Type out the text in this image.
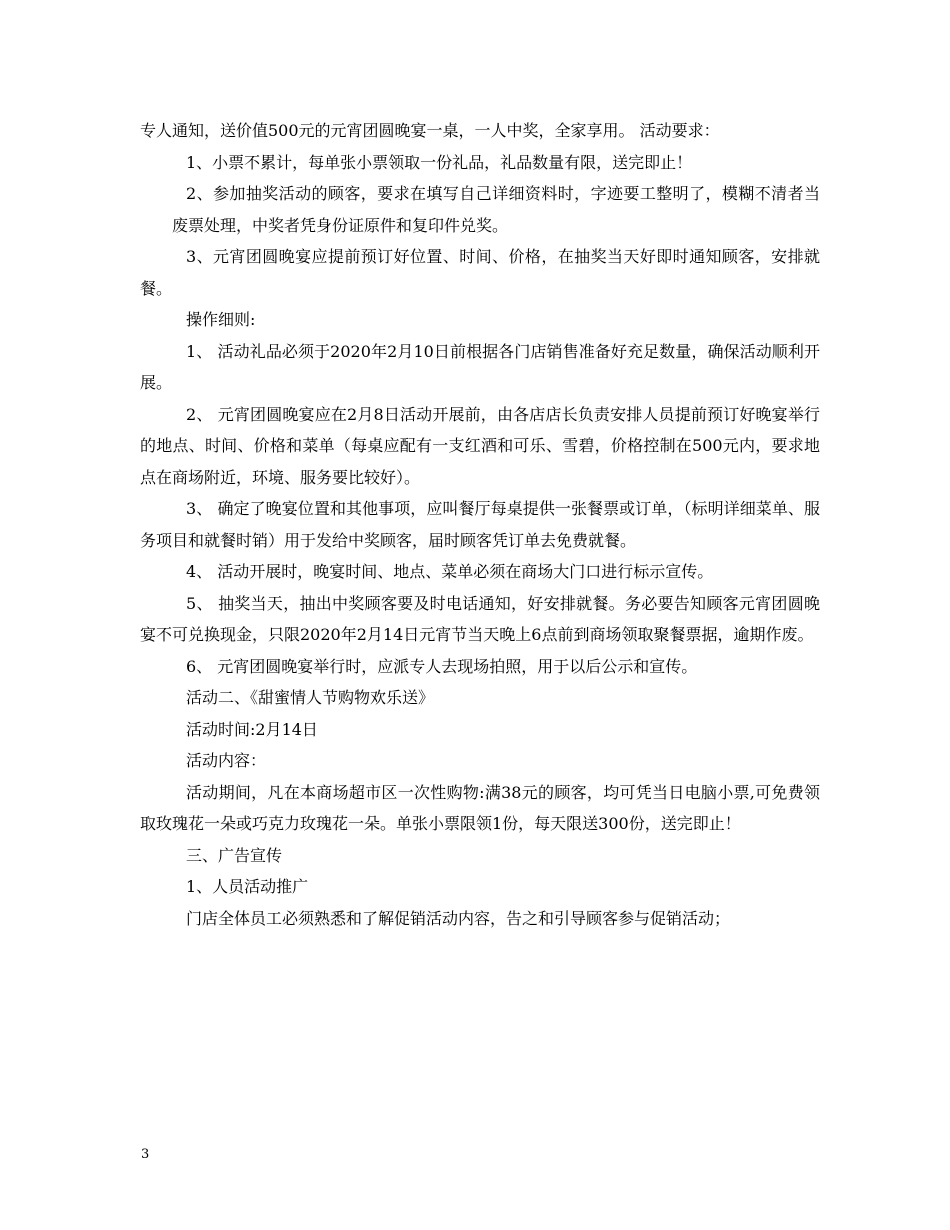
专人通知，送价值500元的元宵团圆晚宴一桌，一人中奖，全家享用。 活动要求：

1、小票不累计，每单张小票领取一份礼品，礼品数量有限，送完即止！

2、参加抽奖活动的顾客，要求在填写自己详细资料时，字迹要工整明了，模糊不清者当废票处理，中奖者凭身份证原件和复印件兑奖。

3、元宵团圆晚宴应提前预订好位置、时间、价格，在抽奖当天好即时通知顾客，安排就餐。

操作细则:

1、 活动礼品必须于2020年2月10日前根据各门店销售准备好充足数量，确保活动顺利开展。

2、 元宵团圆晚宴应在2月8日活动开展前，由各店店长负责安排人员提前预订好晚宴举行的地点、时间、价格和菜单（每桌应配有一支红酒和可乐、雪碧，价格控制在500元内，要求地点在商场附近，环境、服务要比较好）。

3、 确定了晚宴位置和其他事项，应叫餐厅每桌提供一张餐票或订单，（标明详细菜单、服务项目和就餐时销）用于发给中奖顾客，届时顾客凭订单去免费就餐。

4、 活动开展时，晚宴时间、地点、菜单必须在商场大门口进行标示宣传。

5、 抽奖当天，抽出中奖顾客要及时电话通知，好安排就餐。务必要告知顾客元宵团圆晚宴不可兑换现金，只限2020年2月14日元宵节当天晚上6点前到商场领取聚餐票据，逾期作废。

6、 元宵团圆晚宴举行时，应派专人去现场拍照，用于以后公示和宣传。

活动二、《甜蜜情人节购物欢乐送》

活动时间:2月14日

活动内容：

活动期间，凡在本商场超市区一次性购物:满38元的顾客，均可凭当日电脑小票,可免费领取玫瑰花一朵或巧克力玫瑰花一朵。单张小票限领1份，每天限送300份，送完即止！

三、广告宣传

1、人员活动推广

门店全体员工必须熟悉和了解促销活动内容，告之和引导顾客参与促销活动；

3
